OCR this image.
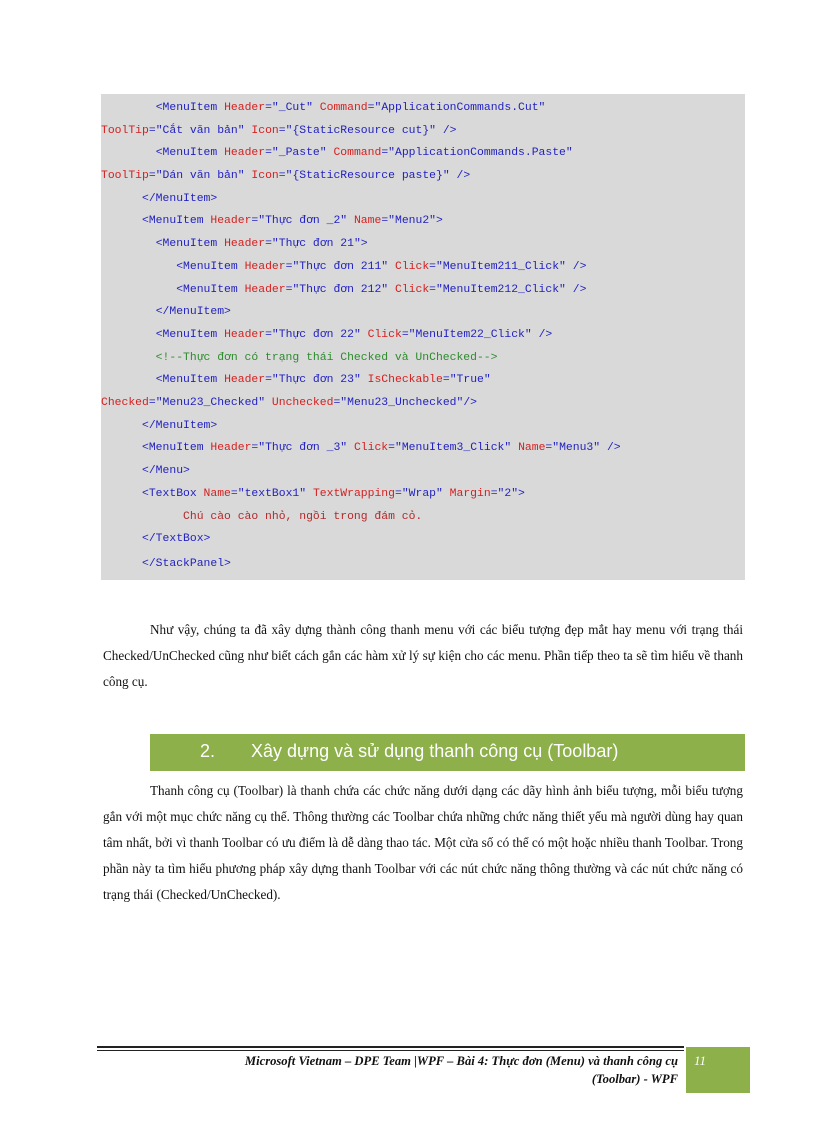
<MenuItem Header="_Cut" Command="ApplicationCommands.Cut"
ToolTip="Cắt văn bản" Icon="{StaticResource cut}" />
<MenuItem Header="_Paste" Command="ApplicationCommands.Paste"
ToolTip="Dán văn bản" Icon="{StaticResource paste}" />
</MenuItem>
<MenuItem Header="Thực đơn _2" Name="Menu2">
<MenuItem Header="Thực đơn 21">
<MenuItem Header="Thực đơn 211" Click="MenuItem211_Click" />
<MenuItem Header="Thực đơn 212" Click="MenuItem212_Click" />
</MenuItem>
<MenuItem Header="Thực đơn 22" Click="MenuItem22_Click" />
<!--Thực đơn có trạng thái Checked và UnChecked-->
<MenuItem Header="Thực đơn 23" IsCheckable="True"
Checked="Menu23_Checked" Unchecked="Menu23_Unchecked"/>
</MenuItem>
<MenuItem Header="Thực đơn _3" Click="MenuItem3_Click" Name="Menu3" />
</Menu>
<TextBox Name="textBox1" TextWrapping="Wrap" Margin="2">
Chú cào cào nhỏ, ngồi trong đám cỏ.
</TextBox>
</StackPanel>

Như vậy, chúng ta đã xây dựng thành công thanh menu với các biểu tượng đẹp mắt hay menu với trạng thái Checked/UnChecked cũng như biết cách gắn các hàm xử lý sự kiện cho các menu. Phần tiếp theo ta sẽ tìm hiểu về thanh công cụ.

2. Xây dựng và sử dụng thanh công cụ (Toolbar)

Thanh công cụ (Toolbar) là thanh chứa các chức năng dưới dạng các dãy hình ảnh biểu tượng, mỗi biểu tượng gắn với một mục chức năng cụ thể. Thông thường các Toolbar chứa những chức năng thiết yếu mà người dùng hay quan tâm nhất, bởi vì thanh Toolbar có ưu điểm là dễ dàng thao tác. Một cửa số có thể có một hoặc nhiều thanh Toolbar. Trong phần này ta tìm hiểu phương pháp xây dựng thanh Toolbar với các nút chức năng thông thường và các nút chức năng có trạng thái (Checked/UnChecked).

Microsoft Vietnam – DPE Team |WPF – Bài 4: Thực đơn (Menu) và thanh công cụ
(Toolbar) - WPF
11
